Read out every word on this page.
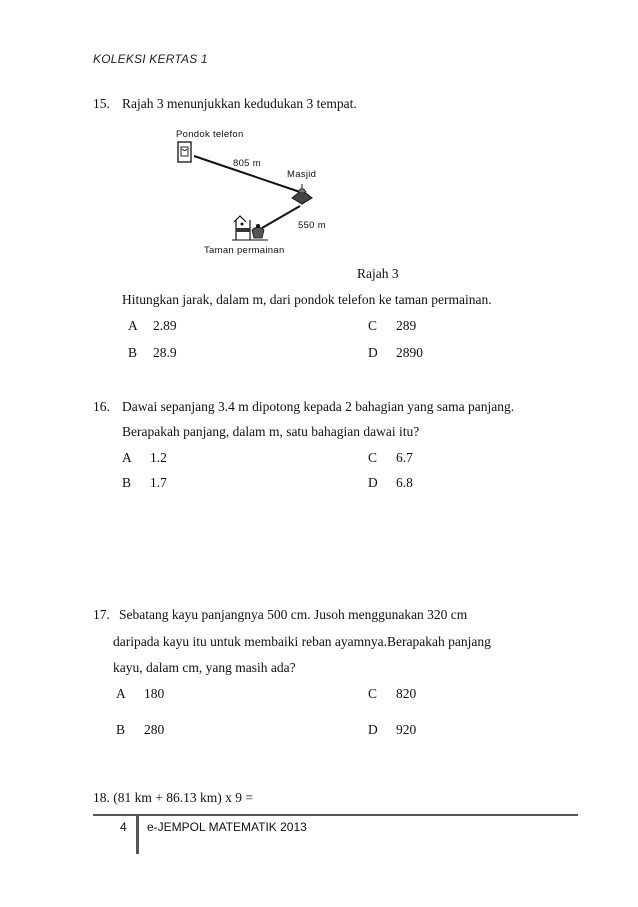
KOLEKSI KERTAS 1
15. Rajah 3 menunjukkan kedudukan 3 tempat.
Pondok telefon
805 m
Masjid
550 m
Taman permainan
Rajah 3
Hitungkan jarak, dalam m, dari pondok telefon ke taman permainan.
A 2.89	C 289
B 28.9	D 2890
16. Dawai sepanjang 3.4 m dipotong kepada 2 bahagian yang sama panjang.
Berapakah panjang, dalam m, satu bahagian dawai itu?
A 1.2	C 6.7
B 1.7	D 6.8
17. Sebatang kayu panjangnya 500 cm. Jusoh menggunakan 320 cm
daripada kayu itu untuk membaiki reban ayamnya.Berapakah panjang
kayu, dalam cm, yang masih ada?
A 180	C 820
B 280	D 920
18. (81 km + 86.13 km) x 9 =
4 e-JEMPOL MATEMATIK 2013
